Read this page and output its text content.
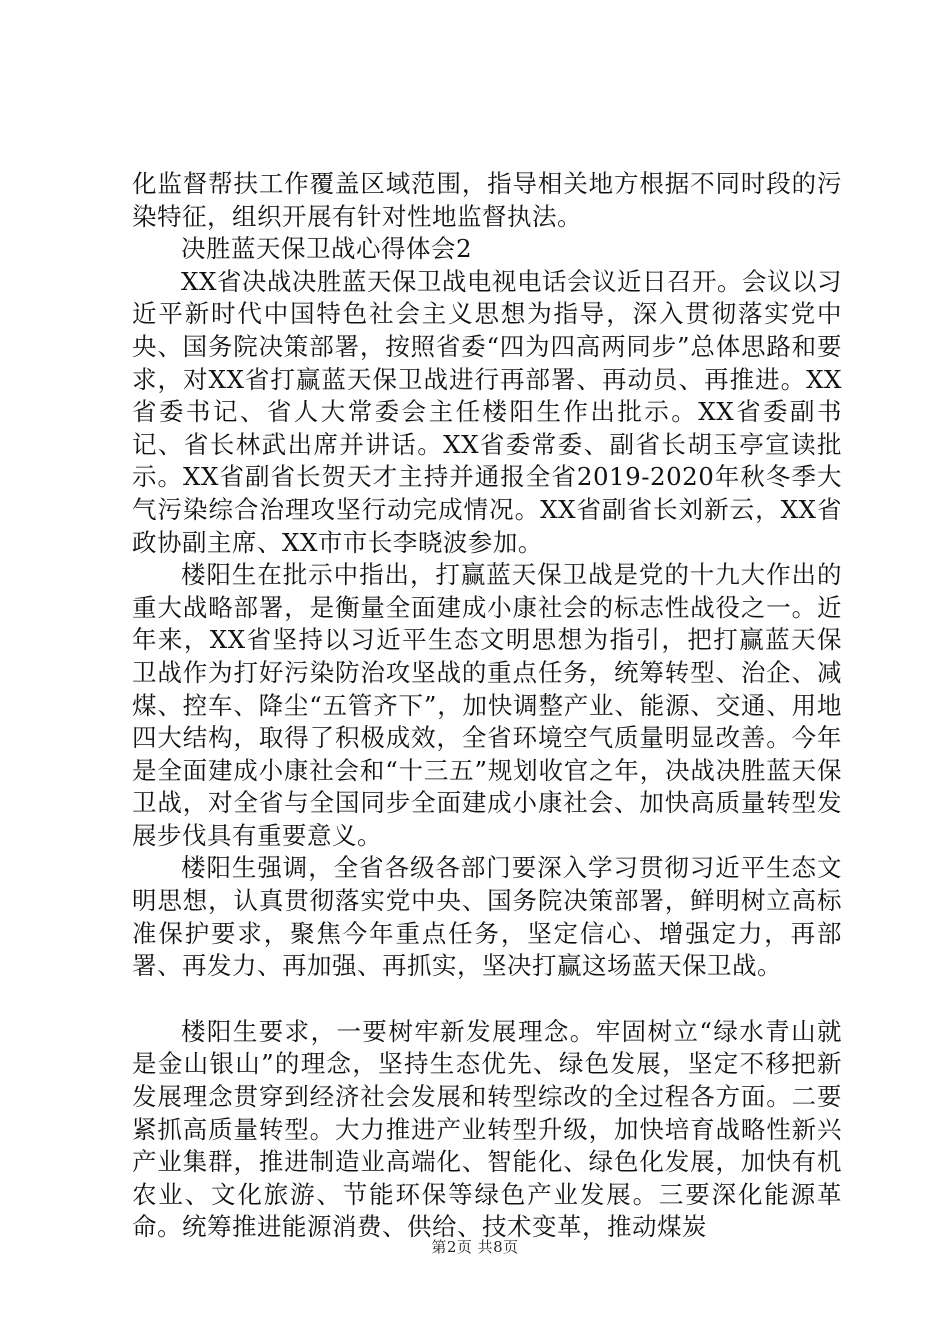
化监督帮扶工作覆盖区域范围，指导相关地方根据不同时段的污染特征，组织开展有针对性地监督执法。

决胜蓝天保卫战心得体会2

XX省决战决胜蓝天保卫战电视电话会议近日召开。会议以习近平新时代中国特色社会主义思想为指导，深入贯彻落实党中央、国务院决策部署，按照省委“四为四高两同步”总体思路和要求，对XX省打赢蓝天保卫战进行再部署、再动员、再推进。XX省委书记、省人大常委会主任楼阳生作出批示。XX省委副书记、省长林武出席并讲话。XX省委常委、副省长胡玉亭宣读批示。XX省副省长贺天才主持并通报全省2019-2020年秋冬季大气污染综合治理攻坚行动完成情况。XX省副省长刘新云，XX省政协副主席、XX市市长李晓波参加。

楼阳生在批示中指出，打赢蓝天保卫战是党的十九大作出的重大战略部署，是衡量全面建成小康社会的标志性战役之一。近年来，XX省坚持以习近平生态文明思想为指引，把打赢蓝天保卫战作为打好污染防治攻坚战的重点任务，统筹转型、治企、减煤、控车、降尘“五管齐下”，加快调整产业、能源、交通、用地四大结构，取得了积极成效，全省环境空气质量明显改善。今年是全面建成小康社会和“十三五”规划收官之年，决战决胜蓝天保卫战，对全省与全国同步全面建成小康社会、加快高质量转型发展步伐具有重要意义。

楼阳生强调，全省各级各部门要深入学习贯彻习近平生态文明思想，认真贯彻落实党中央、国务院决策部署，鲜明树立高标准保护要求，聚焦今年重点任务，坚定信心、增强定力，再部署、再发力、再加强、再抓实，坚决打赢这场蓝天保卫战。

楼阳生要求，一要树牢新发展理念。牢固树立“绿水青山就是金山银山”的理念，坚持生态优先、绿色发展，坚定不移把新发展理念贯穿到经济社会发展和转型综改的全过程各方面。二要紧抓高质量转型。大力推进产业转型升级，加快培育战略性新兴产业集群，推进制造业高端化、智能化、绿色化发展，加快有机农业、文化旅游、节能环保等绿色产业发展。三要深化能源革命。统筹推进能源消费、供给、技术变革，推动煤炭

第2页 共8页
